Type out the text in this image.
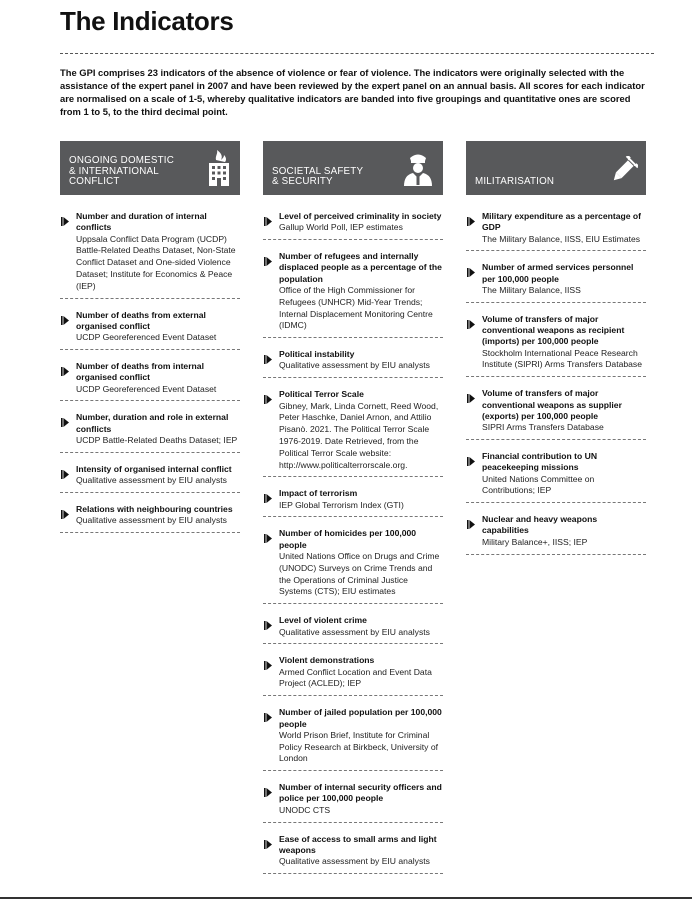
The Indicators
The GPI comprises 23 indicators of the absence of violence or fear of violence. The indicators were originally selected with the assistance of the expert panel in 2007 and have been reviewed by the expert panel on an annual basis. All scores for each indicator are normalised on a scale of 1-5, whereby qualitative indicators are banded into five groupings and quantitative ones are scored from 1 to 5, to the third decimal point.
ONGOING DOMESTIC
& INTERNATIONAL
CONFLICT
Number and duration of internal conflicts
Uppsala Conflict Data Program (UCDP) Battle-Related Deaths Dataset, Non-State Conflict Dataset and One-sided Violence Dataset; Institute for Economics & Peace (IEP)
Number of deaths from external organised conflict
UCDP Georeferenced Event Dataset
Number of deaths from internal organised conflict
UCDP Georeferenced Event Dataset
Number, duration and role in external conflicts
UCDP Battle-Related Deaths Dataset; IEP
Intensity of organised internal conflict
Qualitative assessment by EIU analysts
Relations with neighbouring countries
Qualitative assessment by EIU analysts
SOCIETAL SAFETY
& SECURITY
Level of perceived criminality in society
Gallup World Poll, IEP estimates
Number of refugees and internally displaced people as a percentage of the population
Office of the High Commissioner for Refugees (UNHCR) Mid-Year Trends; Internal Displacement Monitoring Centre (IDMC)
Political instability
Qualitative assessment by EIU analysts
Political Terror Scale
Gibney, Mark, Linda Cornett, Reed Wood, Peter Haschke, Daniel Arnon, and Attilio Pisanò. 2021. The Political Terror Scale 1976-2019. Date Retrieved, from the Political Terror Scale website: http://www.politicalterrorscale.org.
Impact of terrorism
IEP Global Terrorism Index (GTI)
Number of homicides per 100,000 people
United Nations Office on Drugs and Crime (UNODC) Surveys on Crime Trends and the Operations of Criminal Justice Systems (CTS); EIU estimates
Level of violent crime
Qualitative assessment by EIU analysts
Violent demonstrations
Armed Conflict Location and Event Data Project (ACLED); IEP
Number of jailed population per 100,000 people
World Prison Brief, Institute for Criminal Policy Research at Birkbeck, University of London
Number of internal security officers and police per 100,000 people
UNODC CTS
Ease of access to small arms and light weapons
Qualitative assessment by EIU analysts
MILITARISATION
Military expenditure as a percentage of GDP
The Military Balance, IISS, EIU Estimates
Number of armed services personnel per 100,000 people
The Military Balance, IISS
Volume of transfers of major conventional weapons as recipient (imports) per 100,000 people
Stockholm International Peace Research Institute (SIPRI) Arms Transfers Database
Volume of transfers of major conventional weapons as supplier (exports) per 100,000 people
SIPRI Arms Transfers Database
Financial contribution to UN peacekeeping missions
United Nations Committee on Contributions; IEP
Nuclear and heavy weapons capabilities
Military Balance+, IISS; IEP
